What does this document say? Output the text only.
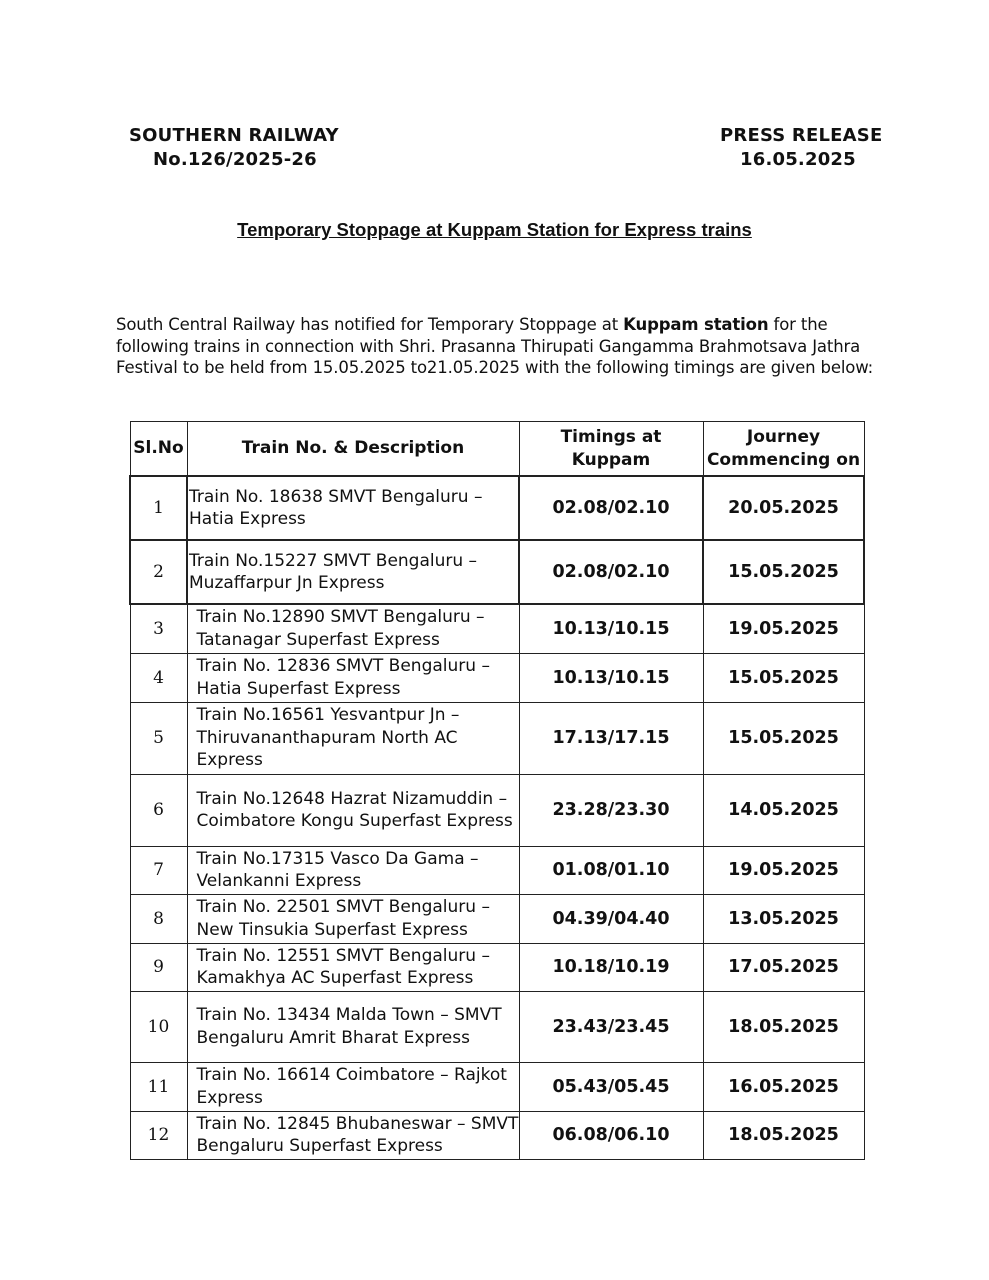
SOUTHERN RAILWAY
No.126/2025-26
PRESS RELEASE
16.05.2025
Temporary Stoppage at Kuppam Station for Express trains
South Central Railway has notified for Temporary Stoppage at Kuppam station for the following trains in connection with Shri. Prasanna Thirupati Gangamma Brahmotsava Jathra Festival to be held from 15.05.2025 to21.05.2025 with the following timings are given below:
Sl.No	Train No. & Description	Timings at Kuppam	Journey
Commencing on

1	Train No. 18638 SMVT Bengaluru – Hatia Express	02.08/02.10	20.05.2025
2	Train No.15227 SMVT Bengaluru – Muzaffarpur Jn Express	02.08/02.10	15.05.2025
3	Train No.12890 SMVT Bengaluru – Tatanagar Superfast Express	10.13/10.15	19.05.2025
4	Train No. 12836 SMVT Bengaluru – Hatia Superfast Express	10.13/10.15	15.05.2025
5	Train No.16561 Yesvantpur Jn – Thiruvananthapuram North AC Express	17.13/17.15	15.05.2025
6	Train No.12648 Hazrat Nizamuddin – Coimbatore Kongu Superfast Express	23.28/23.30	14.05.2025
7	Train No.17315 Vasco Da Gama – Velankanni Express	01.08/01.10	19.05.2025
8	Train No. 22501 SMVT Bengaluru – New Tinsukia Superfast Express	04.39/04.40	13.05.2025
9	Train No. 12551 SMVT Bengaluru – Kamakhya AC Superfast Express	10.18/10.19	17.05.2025
10	Train No. 13434 Malda Town – SMVT Bengaluru Amrit Bharat Express	23.43/23.45	18.05.2025
11	Train No. 16614 Coimbatore – Rajkot Express	05.43/05.45	16.05.2025
12	Train No. 12845 Bhubaneswar – SMVT Bengaluru Superfast Express	06.08/06.10	18.05.2025
